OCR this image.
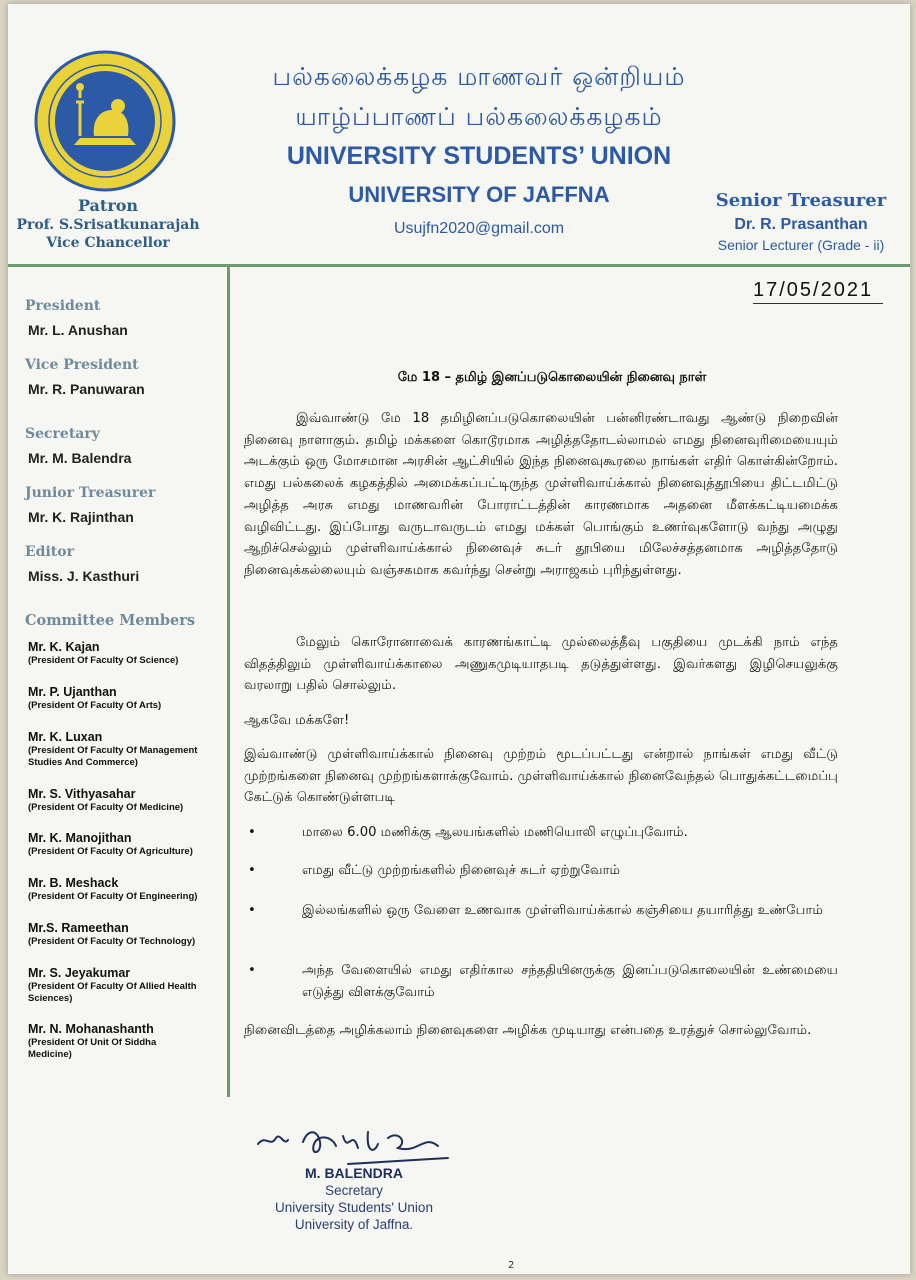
Patron
Prof. S.Srisatkunarajah
Vice Chancellor
பல்கலைக்கழக மாணவர் ஒன்றியம்
யாழ்ப்பாணப் பல்கலைக்கழகம்
UNIVERSITY STUDENTS’ UNION
UNIVERSITY OF JAFFNA
Usujfn2020@gmail.com
Senior Treasurer
Dr. R. Prasanthan
Senior Lecturer (Grade - ii)
President
Mr. L. Anushan
Vice President
Mr. R. Panuwaran
Secretary
Mr. M. Balendra
Junior Treasurer
Mr. K. Rajinthan
Editor
Miss. J. Kasthuri
Committee Members
Mr. K. Kajan
(President Of Faculty Of Science)
Mr. P. Ujanthan
(President Of Faculty Of Arts)
Mr. K. Luxan
(President Of Faculty Of Management Studies And Commerce)
Mr. S. Vithyasahar
(President Of Faculty Of Medicine)
Mr. K. Manojithan
(President Of Faculty Of Agriculture)
Mr. B. Meshack
(President Of Faculty Of Engineering)
Mr.S. Rameethan
(President Of Faculty Of Technology)
Mr. S. Jeyakumar
(President Of Faculty Of Allied Health Sciences)
Mr. N. Mohanashanth
(President Of Unit Of Siddha Medicine)
17/05/2021
மே 18 – தமிழ் இனப்படுகொலையின் நினைவு நாள்
இவ்வாண்டு மே 18 தமிழினப்படுகொலையின் பன்னிரண்டாவது ஆண்டு நிறைவின் நினைவு நாளாகும். தமிழ் மக்களை கொடூரமாக அழித்ததோடல்லாமல் எமது நினைவுரிமையையும் அடக்கும் ஒரு மோசமான அரசின் ஆட்சியில் இந்த நினைவுகூரலை நாங்கள் எதிர் கொள்கின்றோம். எமது பல்கலைக் கழகத்தில் அமைக்கப்பட்டிருந்த முள்ளிவாய்க்கால் நினைவுத்தூபியை திட்டமிட்டு அழித்த அரசு எமது மாணவரின் போராட்டத்தின் காரணமாக அதனை மீளக்கட்டியமைக்க வழிவிட்டது. இப்போது வருடாவருடம் எமது மக்கள் பொங்கும் உணர்வுகளோடு வந்து அழுது ஆறிச்செல்லும் முள்ளிவாய்க்கால் நினைவுச் சுடர் தூபியை மிலேச்சத்தனமாக அழித்ததோடு நினைவுக்கல்லையும் வஞ்சகமாக கவர்ந்து சென்று அராஜகம் புரிந்துள்ளது.
மேலும் கொரோனாவைக் காரணங்காட்டி முல்லைத்தீவு பகுதியை முடக்கி நாம் எந்த விதத்திலும் முள்ளிவாய்க்காலை அணுகமுடியாதபடி தடுத்துள்ளது. இவர்களது இழிசெயலுக்கு வரலாறு பதில் சொல்லும்.
ஆகவே மக்களே!
இவ்வாண்டு முள்ளிவாய்க்கால் நினைவு முற்றம் மூடப்பட்டது என்றால் நாங்கள் எமது வீட்டு முற்றங்களை நினைவு முற்றங்களாக்குவோம். முள்ளிவாய்க்கால் நினைவேந்தல் பொதுக்கட்டமைப்பு கேட்டுக் கொண்டுள்ளபடி
•	மாலை 6.00 மணிக்கு ஆலயங்களில் மணியொலி எழுப்புவோம்.
•	எமது வீட்டு முற்றங்களில் நினைவுச் சுடர் ஏற்றுவோம்
•	இல்லங்களில் ஒரு வேளை உணவாக முள்ளிவாய்க்கால் கஞ்சியை தயாரித்து உண்போம்
•	அந்த வேளையில் எமது எதிர்கால சந்ததியினருக்கு இனப்படுகொலையின் உண்மையை எடுத்து விளக்குவோம்
நினைவிடத்தை அழிக்கலாம் நினைவுகளை அழிக்க முடியாது என்பதை உரத்துச் சொல்லுவோம்.
M. BALENDRA
Secretary
University Students' Union
University of Jaffna.
2
